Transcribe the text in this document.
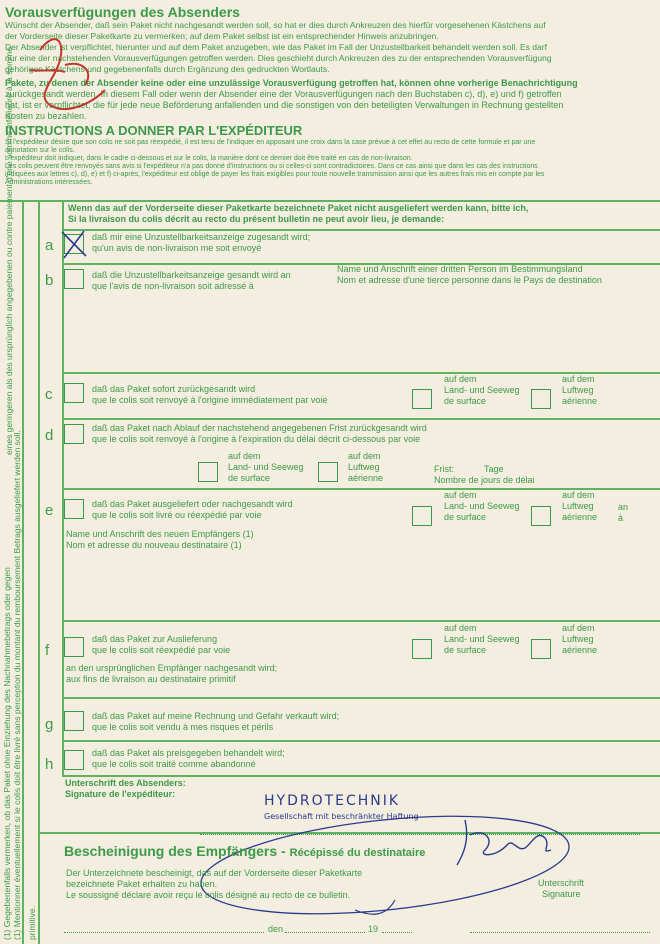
Vorausverfügungen des Absenders
Wünscht der Absender, daß sein Paket nicht nachgesandt werden soll, so hat er dies durch Ankreuzen des hierfür vorgesehenen Kästchens auf
der Vorderseite dieser Paketkarte zu vermerken; auf dem Paket selbst ist ein entsprechender Hinweis anzubringen.
Der Absender ist verpflichtet, hierunter und auf dem Paket anzugeben, wie das Paket im Fall der Unzustellbarkeit behandelt werden soll. Es darf
nur eine der nachstehenden Vorausverfügungen getroffen werden. Dies geschieht durch Ankreuzen des zu der entsprechenden Vorausverfügung
gehörigen Kästchens und gegebenenfalls durch Ergänzung des gedruckten Wortlauts.
Pakete, zu denen der Absender keine oder eine unzulässige Vorausverfügung getroffen hat, können ohne vorherige Benachrichtigung
zurückgesandt werden. In diesem Fall oder wenn der Absender eine der Vorausverfügungen nach den Buchstaben c), d), e) und f) getroffen
hat, ist er verpflichtet, die für jede neue Beförderung anfallenden und die sonstigen von den beteiligten Verwaltungen in Rechnung gestellten
Kosten zu bezahlen.
INSTRUCTIONS A DONNER PAR L'EXPÉDITEUR
Si l'expéditeur désire que son colis ne soit pas réexpédié, il est tenu de l'indiquer en apposant une croix dans la case prévue à cet effet au recto de cette formule et par une
annotation sur le colis.
L'expéditeur doit indiquer, dans le cadre ci-dessous et sur le colis, la manière dont ce dernier doit être traité en cas de non-livraison.
Les colis peuvent être renvoyés sans avis si l'expéditeur n'a pas donné d'instructions ou si celles-ci sont contradictoires. Dans ce cas ainsi que dans les cas des instructions
indiquées aux lettres c), d), e) et f) ci-après, l'expéditeur est obligé de payer les frais exigibles pour toute nouvelle transmission ainsi que les autres frais mis en compte par les
Administrations intéressées.
(1) Gegebenenfalls vermerken, ob das Paket ohne Einziehung des Nachnahmebetrags oder gegen (1) Mentionner éventuellement si le colis doit être livré sans perception du montant du remboursement Betrags ausgeliefert werden soll. primitive.
eines geringeren als des ursprünglich angegebenen ou contre paiement d'une somme inférieure à la somme	Wenn das auf der Vorderseite dieser Paketkarte bezeichnete Paket nicht ausgeliefert werden kann, bitte ich,
Si la livraison du colis décrit au recto du présent bulletin ne peut avoir lieu, je demande:
a	daß mir eine Unzustellbarkeitsanzeige zugesandt wird;
qu'un avis de non-livraison me soit envoyé
b	daß die Unzustellbarkeitsanzeige gesandt wird an
que l'avis de non-livraison soit adressé à
Name und Anschrift einer dritten Person im Bestimmungsland
Nom et adresse d'une tierce personne dans le Pays de destination
c	daß das Paket sofort zurückgesandt wird
que le colis soit renvoyé à l'origine immédiatement par voie
auf dem
Land- und Seeweg
de surface
auf dem
Luftweg
aérienne
d	daß das Paket nach Ablauf der nachstehend angegebenen Frist zurückgesandt wird
que le colis soit renvoyé à l'origine à l'expiration du délai décrit ci-dessous par voie
auf dem
Land- und Seeweg
de surface
auf dem
Luftweg
aérienne
Frist:	Tage
Nombre de jours de délai
e	daß das Paket ausgeliefert oder nachgesandt wird
que le colis soit livré ou réexpédié par voie
auf dem
Land- und Seeweg
de surface
auf dem
Luftweg
aérienne
an
à
Name und Anschrift des neuen Empfängers (1)
Nom et adresse du nouveau destinataire (1)
f
daß das Paket zur Auslieferung
que le colis soit réexpédié par voie
an den ursprünglichen Empfänger nachgesandt wird;
aux fins de livraison au destinataire primitif
auf dem
Land- und Seeweg
de surface
auf dem
Luftweg
aérienne
g	daß das Paket auf meine Rechnung und Gefahr verkauft wird;
que le colis soit vendu à mes risques et périls
h
daß das Paket als preisgegeben behandelt wird;
que le colis soit traité comme abandonné
Unterschrift des Absenders:
Signature de l'expéditeur:	HYDROTECHNIK
Gesellschaft mit beschränkter Haftung
Bescheinigung des Empfängers - Récépissé du destinataire
Der Unterzeichnete bescheinigt, das auf der Vorderseite dieser Paketkarte
bezeichnete Paket erhalten zu haben.
Le soussigné déclare avoir reçu le colis désigné au recto de ce bulletin.
Unterschrift
Signature
den	19
